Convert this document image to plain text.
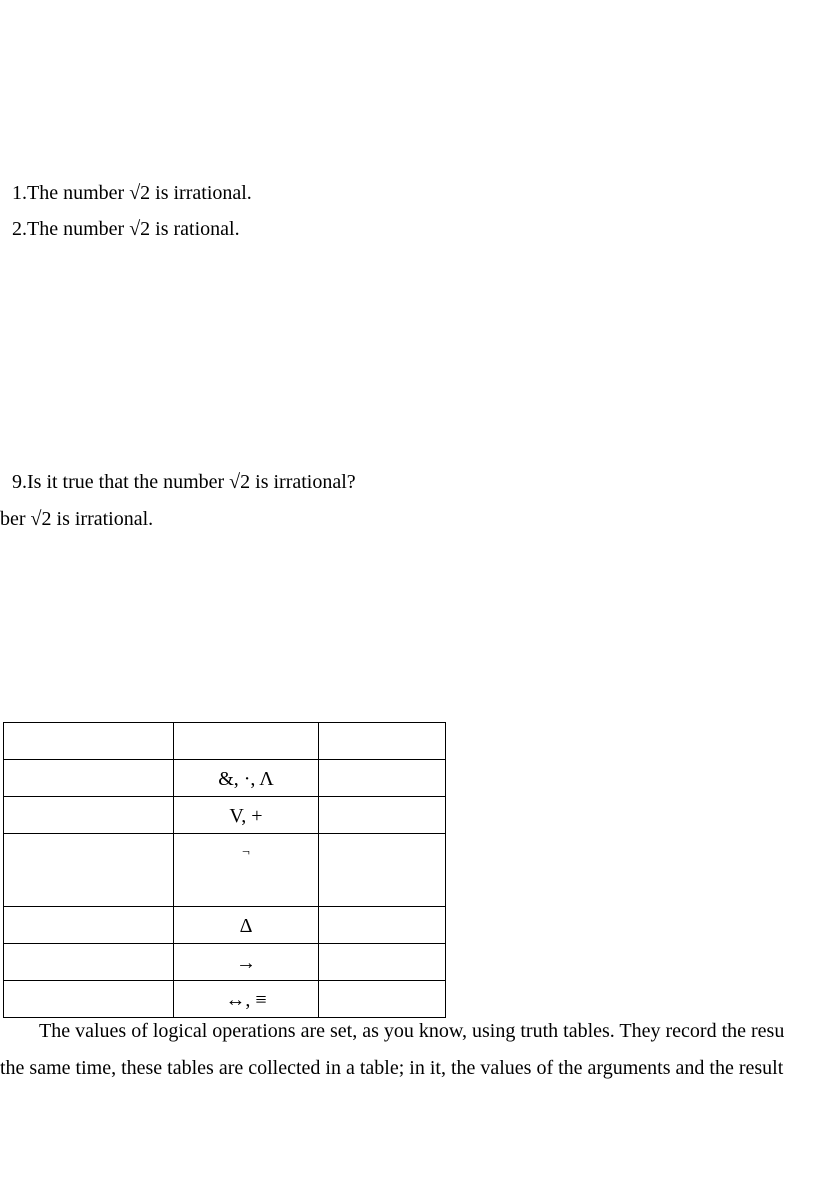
1.The number √2 is irrational.
2.The number √2 is rational.
9.Is it true that the number √2 is irrational?
ber √2 is irrational.

	&, ·, Λ	

	V, +	

	¬	

	Δ	

	→	

	↔, ≡	

The values of logical operations are set, as you know, using truth tables. They record the resu
the same time, these tables are collected in a table; in it, the values of the arguments and the result
